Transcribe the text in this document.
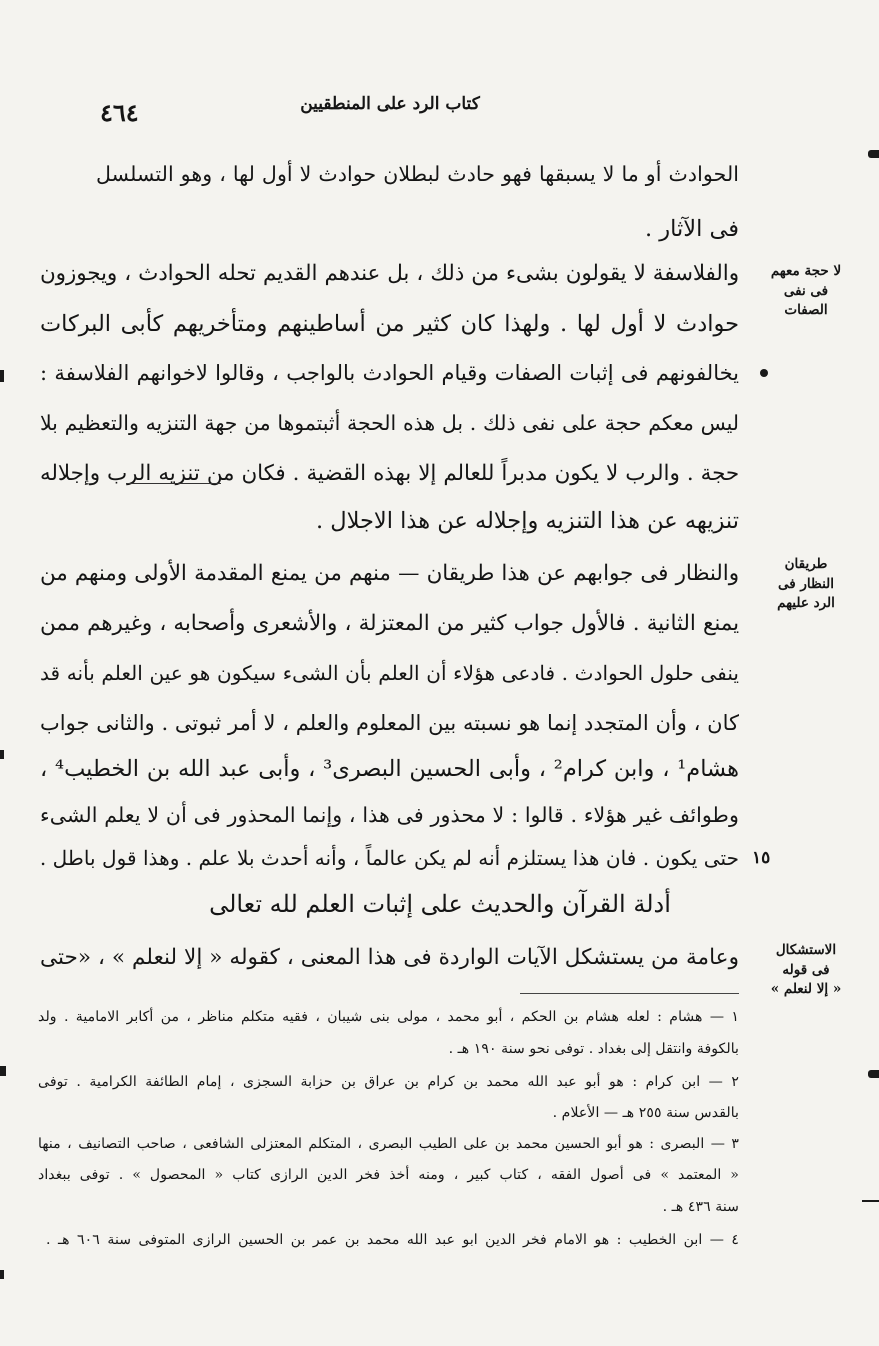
٤٦٤	كتاب الرد على المنطقيين
الحوادث أو ما لا يسبقها فهو حادث لبطلان حوادث لا أول لها ، وهو التسلسل
فى الآثار .
والفلاسفة لا يقولون بشىء من ذلك ، بل عندهم القديم تحله الحوادث ، ويجوزون
حوادث لا أول لها . ولهذا كان كثير من أساطينهم ومتأخريهم كأبى البركات
يخالفونهم فى إثبات الصفات وقيام الحوادث بالواجب ، وقالوا لاخوانهم الفلاسفة :
ليس معكم حجة على نفى ذلك . بل هذه الحجة أثبتموها من جهة التنزيه والتعظيم بلا
حجة . والرب لا يكون مدبراً للعالم إلا بهذه القضية . فكان من تنزيه الرب وإجلاله
تنزيهه عن هذا التنزيه وإجلاله عن هذا الاجلال .
والنظار فى جوابهم عن هذا طريقان — منهم من يمنع المقدمة الأولى ومنهم من
يمنع الثانية . فالأول جواب كثير من المعتزلة ، والأشعرى وأصحابه ، وغيرهم ممن
ينفى حلول الحوادث . فادعى هؤلاء أن العلم بأن الشىء سيكون هو عين العلم بأنه قد
كان ، وأن المتجدد إنما هو نسبته بين المعلوم والعلم ، لا أمر ثبوتى . والثانى جواب
هشام¹ ، وابن كرام² ، وأبى الحسين البصرى³ ، وأبى عبد الله بن الخطيب⁴ ،
وطوائف غير هؤلاء . قالوا : لا محذور فى هذا ، وإنما المحذور فى أن لا يعلم الشىء
حتى يكون . فان هذا يستلزم أنه لم يكن عالماً ، وأنه أحدث بلا علم . وهذا قول باطل .
أدلة القرآن والحديث على إثبات العلم لله تعالى
وعامة من يستشكل الآيات الواردة فى هذا المعنى ، كقوله « إلا لنعلم » ، «حتى
لا حجة معهم
فى نفى الصفات
طريقان
النظار فى
الرد عليهم
الاستشكال
فى قوله
« إلا لنعلم »
١٥
١ — هشام : لعله هشام بن الحكم ، أبو محمد ، مولى بنى شيبان ، فقيه متكلم مناظر ، من أكابر الامامية . ولد
بالكوفة وانتقل إلى بغداد . توفى نحو سنة ١٩٠ هـ .
٢ — ابن كرام : هو أبو عبد الله محمد بن كرام بن عراق بن حزابة السجزى ، إمام الطائفة الكرامية . توفى
بالقدس سنة ٢٥٥ هـ — الأعلام .
٣ — البصرى : هو أبو الحسين محمد بن على الطيب البصرى ، المتكلم المعتزلى الشافعى ، صاحب التصانيف ، منها
« المعتمد » فى أصول الفقه ، كتاب كبير ، ومنه أخذ فخر الدين الرازى كتاب « المحصول » . توفى ببغداد
سنة ٤٣٦ هـ .
٤ — ابن الخطيب : هو الامام فخر الدين ابو عبد الله محمد بن عمر بن الحسين الرازى المتوفى سنة ٦٠٦ هـ .
